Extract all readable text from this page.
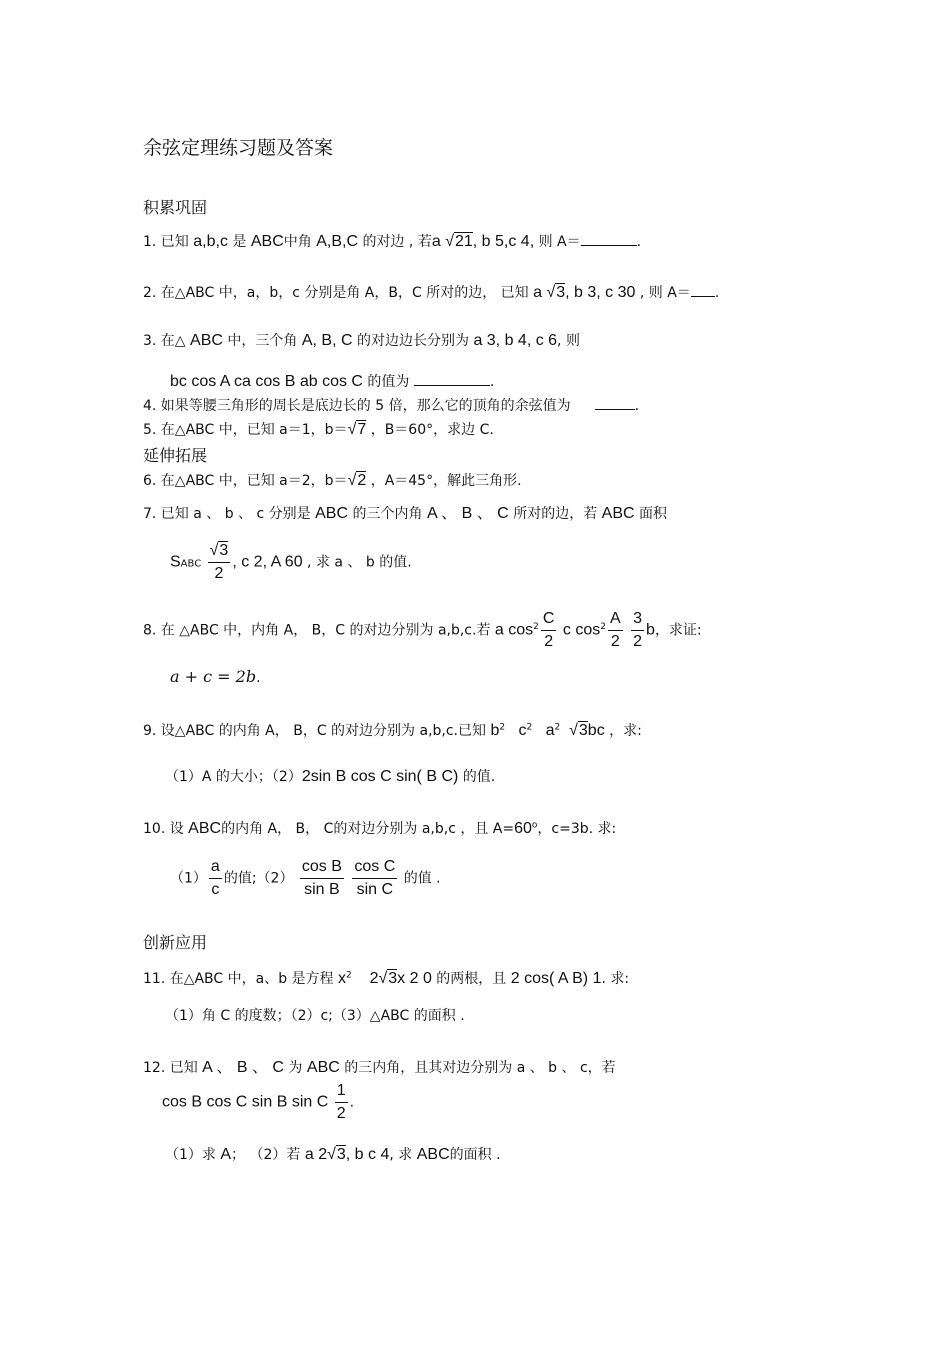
余弦定理练习题及答案
积累巩固
1. 已知 a,b,c 是 ABC中角 A,B,C 的对边 , 若a √21, b 5,c 4, 则 A＝	.
2. 在△ABC 中，a，b，c 分别是角 A，B，C 所对的边， 已知 a √3, b 3, c 30 , 则 A＝ .
3. 在△ ABC 中，三个角 A, B, C 的对边边长分别为 a 3, b 4, c 6, 则
bc cos A ca cos B ab cos C 的值为	.
4. 如果等腰三角形的周长是底边长的 5 倍，那么它的顶角的余弦值为	.
5. 在△ABC 中，已知 a＝1，b＝√7 ，B＝60°，求边 C.
延伸拓展
6. 在△ABC 中，已知 a＝2，b＝√2 ，A＝45°，解此三角形.
7. 已知 a 、 b 、 c 分别是 ABC 的三个内角 A 、 B 、 C 所对的边，若 ABC 面积
SABC $\frac{√3}{2}$ , c 2, A 60 , 求 a 、 b 的值.
8. 在 △ABC 中，内角 A， B，C 的对边分别为 a,b,c.若 a $\cos^2 \frac{C}{2}$ c $\cos^2 \frac{A}{2}$
$\frac{3}{2}$ b，求证:
a + c = 2b.
9. 设△ABC 的内角 A， B，C 的对边分别为 a,b,c.已知 $b^2$ $c^2$ $a^2$ √3bc ，求:
（1）A 的大小；（2）2sin B cos C sin( B C) 的值.
10. 设 ABC的内角 A， B， C的对边分别为 a,b,c ，且 $A=60^o$，c=3b. 求:
$(1) \frac{a}{c}$ 的值;（2） $\frac{\text{cos B}}{\text{sin B}}$
$\frac{\text{cos C}}{\text{sin C}}$ 的值 .
创新应用
11. 在△ABC 中，a、b 是方程 $x^2$ 2√3x 2 0 的两根，且 2 cos( A B) 1. 求:
（1）角 C 的度数；（2）c;（3）△ABC 的面积 .
12. 已知 A 、 B 、 C 为 ABC 的三内角，且其对边分别为 a 、 b 、 c，若
cos B cos C sin B sin C $\frac{1}{2}$ .
（1）求 A； （2）若 a 2√3, b c 4, 求 ABC的面积 .
